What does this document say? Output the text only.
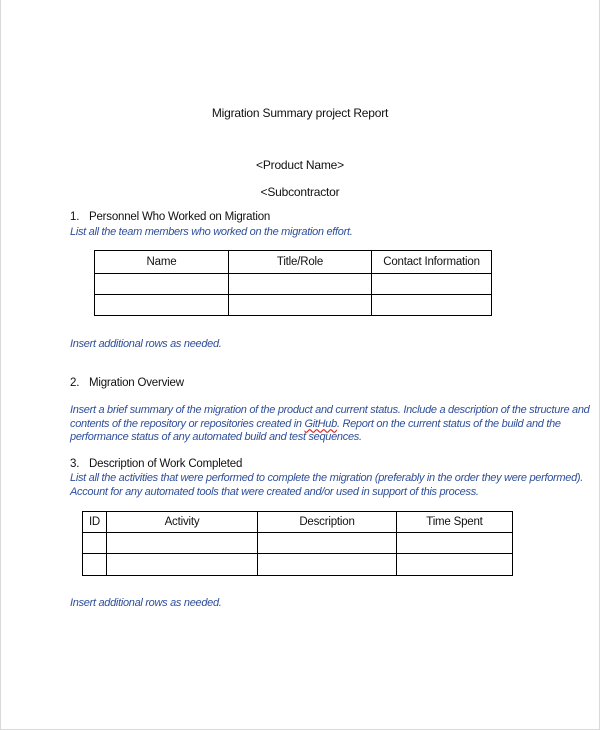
Migration Summary project Report
<Product Name>
<Subcontractor
1. Personnel Who Worked on Migration
List all the team members who worked on the migration effort.
Name	Title/Role	Contact Information

Insert additional rows as needed.
2. Migration Overview
Insert a brief summary of the migration of the product and current status. Include a description of the structure and
contents of the repository or repositories created in GitHub. Report on the current status of the build and the
performance status of any automated build and test sequences.
3. Description of Work Completed
List all the activities that were performed to complete the migration (preferably in the order they were performed).
Account for any automated tools that were created and/or used in support of this process.
ID	Activity	Description	Time Spent

Insert additional rows as needed.
